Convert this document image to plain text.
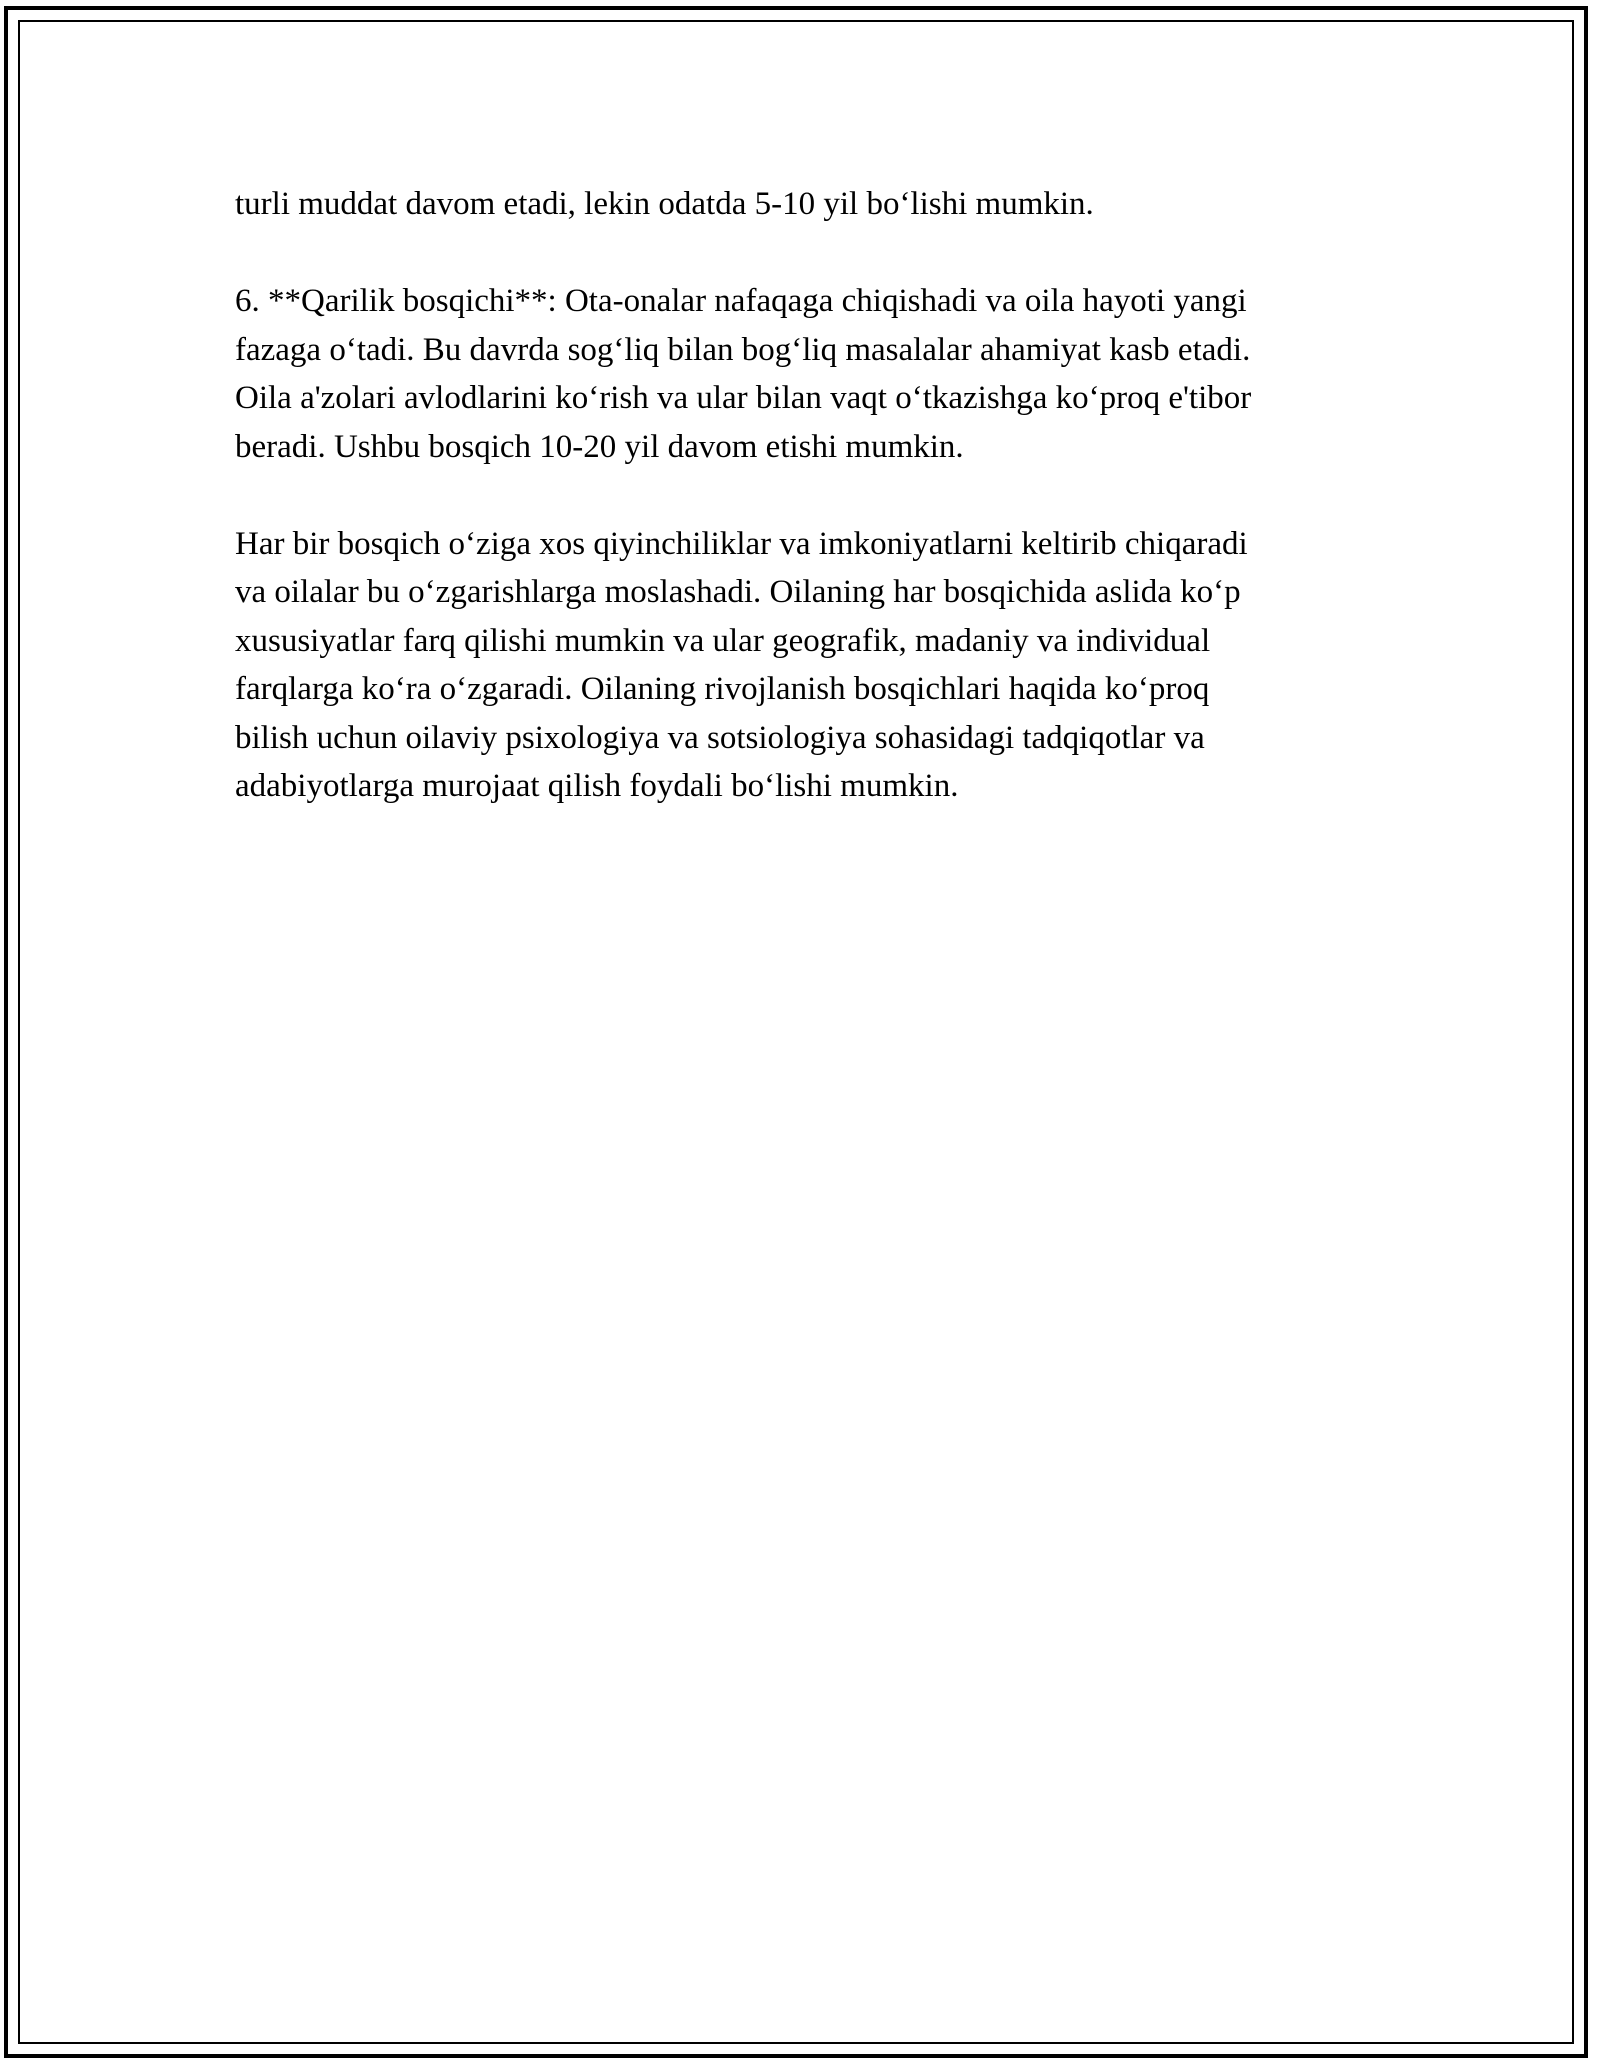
turli muddat davom etadi, lekin odatda 5-10 yil bo‘lishi mumkin.

6. **Qarilik bosqichi**: Ota-onalar nafaqaga chiqishadi va oila hayoti yangi
fazaga o‘tadi. Bu davrda sog‘liq bilan bog‘liq masalalar ahamiyat kasb etadi.
Oila a'zolari avlodlarini ko‘rish va ular bilan vaqt o‘tkazishga ko‘proq e'tibor
beradi. Ushbu bosqich 10-20 yil davom etishi mumkin.

Har bir bosqich o‘ziga xos qiyinchiliklar va imkoniyatlarni keltirib chiqaradi
va oilalar bu o‘zgarishlarga moslashadi. Oilaning har bosqichida aslida ko‘p
xususiyatlar farq qilishi mumkin va ular geografik, madaniy va individual
farqlarga ko‘ra o‘zgaradi. Oilaning rivojlanish bosqichlari haqida ko‘proq
bilish uchun oilaviy psixologiya va sotsiologiya sohasidagi tadqiqotlar va
adabiyotlarga murojaat qilish foydali bo‘lishi mumkin.
